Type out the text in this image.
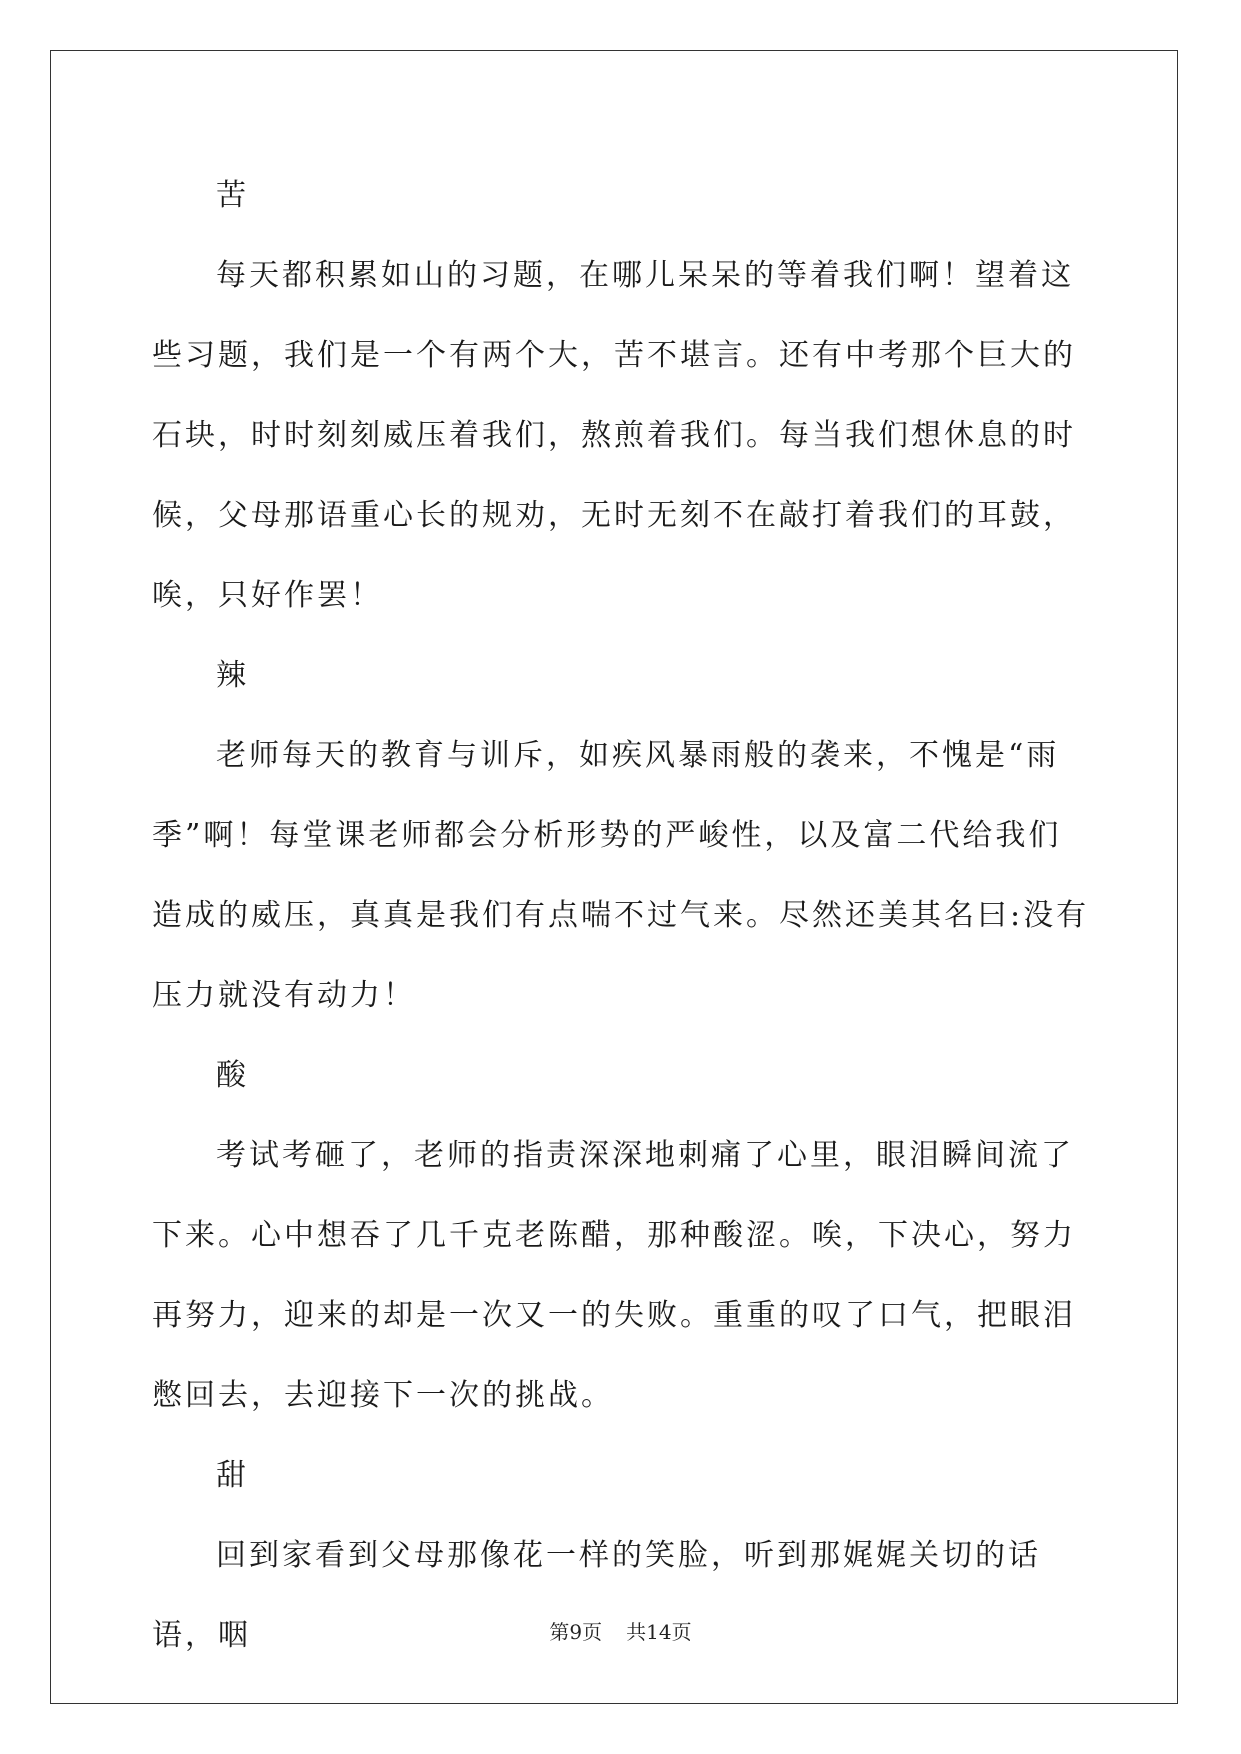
苦

每天都积累如山的习题，在哪儿呆呆的等着我们啊！望着这些习题，我们是一个有两个大，苦不堪言。还有中考那个巨大的石块，时时刻刻威压着我们，熬煎着我们。每当我们想休息的时候，父母那语重心长的规劝，无时无刻不在敲打着我们的耳鼓，唉，只好作罢！

辣

老师每天的教育与训斥，如疾风暴雨般的袭来，不愧是“雨季”啊！每堂课老师都会分析形势的严峻性，以及富二代给我们造成的威压，真真是我们有点喘不过气来。尽然还美其名曰:没有压力就没有动力！

酸

考试考砸了，老师的指责深深地刺痛了心里，眼泪瞬间流了下来。心中想吞了几千克老陈醋，那种酸涩。唉，下决心，努力再努力，迎来的却是一次又一的失败。重重的叹了口气，把眼泪憋回去，去迎接下一次的挑战。

甜

回到家看到父母那像花一样的笑脸，听到那娓娓关切的话语，咽	第9页 共14页
